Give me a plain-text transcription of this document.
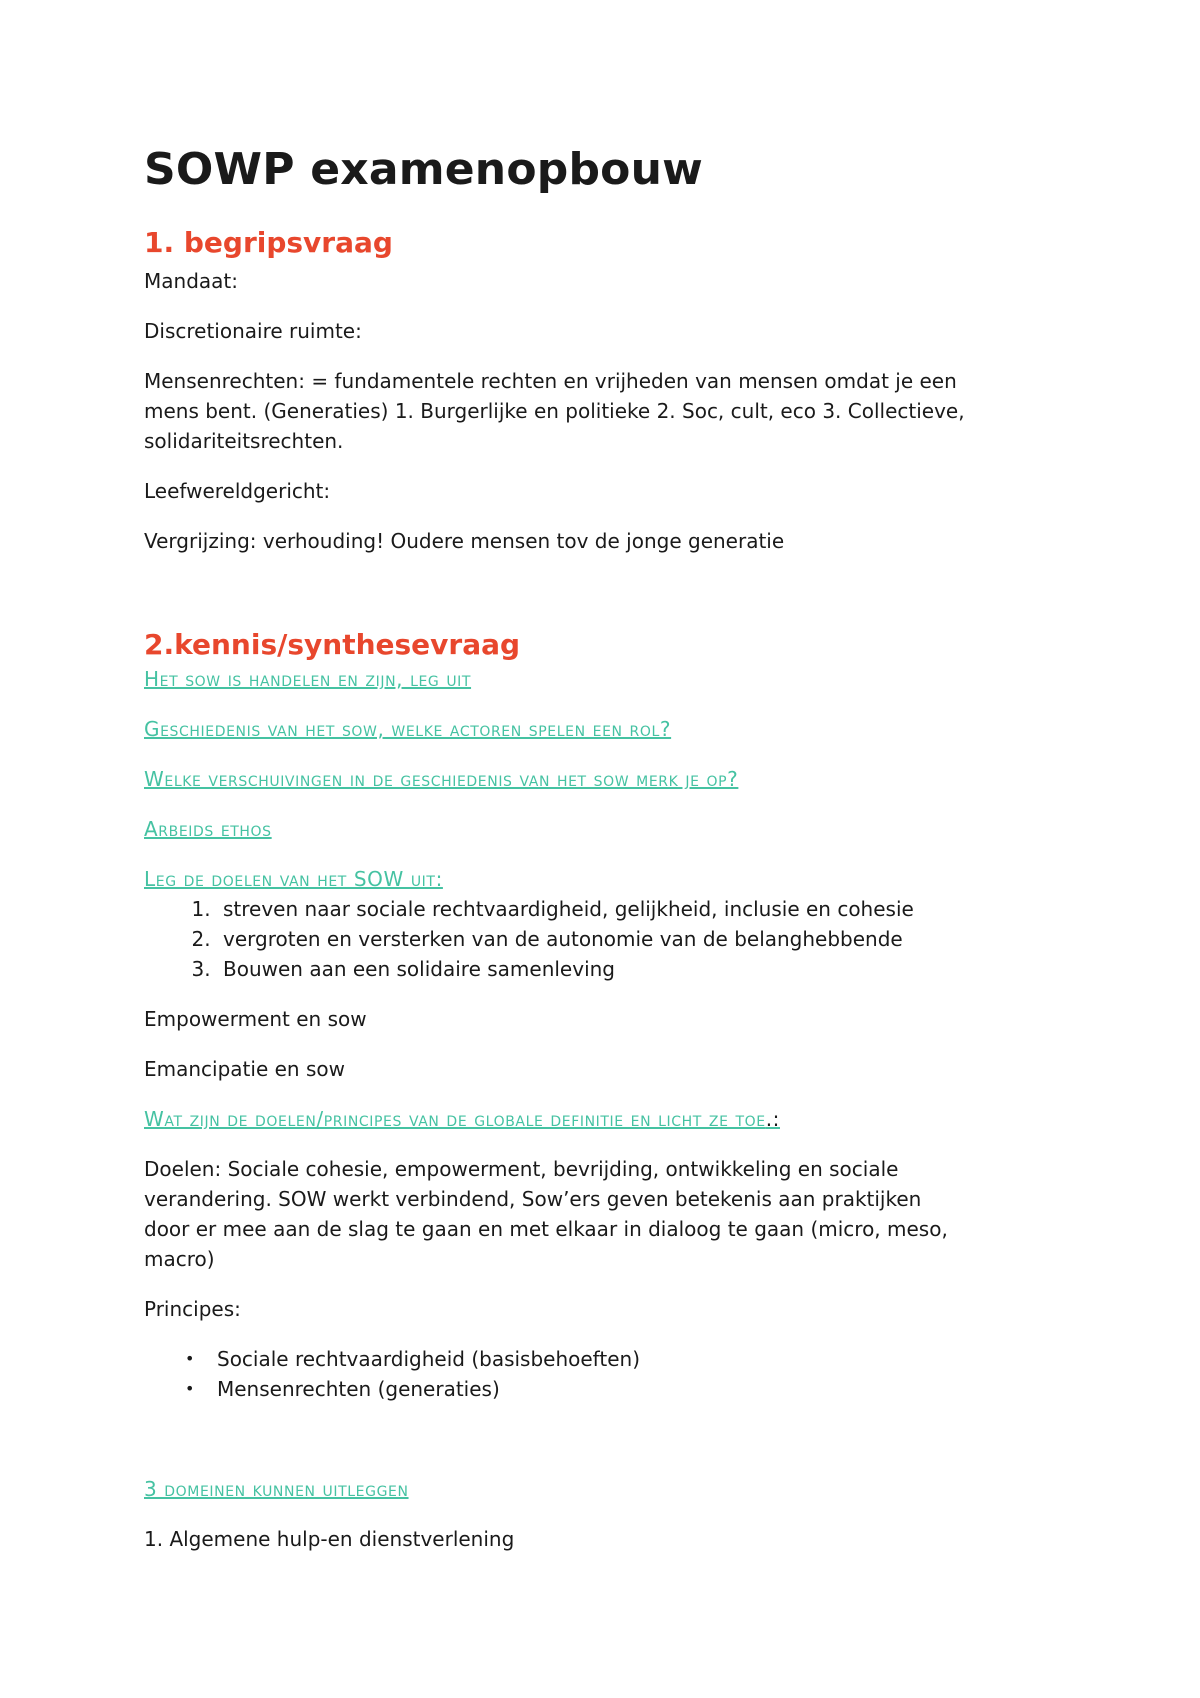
SOWP examenopbouw
1. begripsvraag

Mandaat:

Discretionaire ruimte:

Mensenrechten: = fundamentele rechten en vrijheden van mensen omdat je een

mens bent. (Generaties) 1. Burgerlijke en politieke 2. Soc, cult, eco 3. Collectieve,

solidariteitsrechten.

Leefwereldgericht:

Vergrijzing: verhouding! Oudere mensen tov de jonge generatie

2.kennis/synthesevraag

Het sow is handelen en zijn, leg uit

Geschiedenis van het sow, welke actoren spelen een rol?

Welke verschuivingen in de geschiedenis van het sow merk je op?

Arbeids ethos

Leg de doelen van het SOW uit:

1. streven naar sociale rechtvaardigheid, gelijkheid, inclusie en cohesie
2. vergroten en versterken van de autonomie van de belanghebbende
3. Bouwen aan een solidaire samenleving

Empowerment en sow

Emancipatie en sow

Wat zijn de doelen/principes van de globale definitie en licht ze toe.:

Doelen: Sociale cohesie, empowerment, bevrijding, ontwikkeling en sociale

verandering. SOW werkt verbindend, Sow’ers geven betekenis aan praktijken

door er mee aan de slag te gaan en met elkaar in dialoog te gaan (micro, meso,

macro)

Principes:

• Sociale rechtvaardigheid (basisbehoeften)
• Mensenrechten (generaties)

3 domeinen kunnen uitleggen

1. Algemene hulp-en dienstverlening
